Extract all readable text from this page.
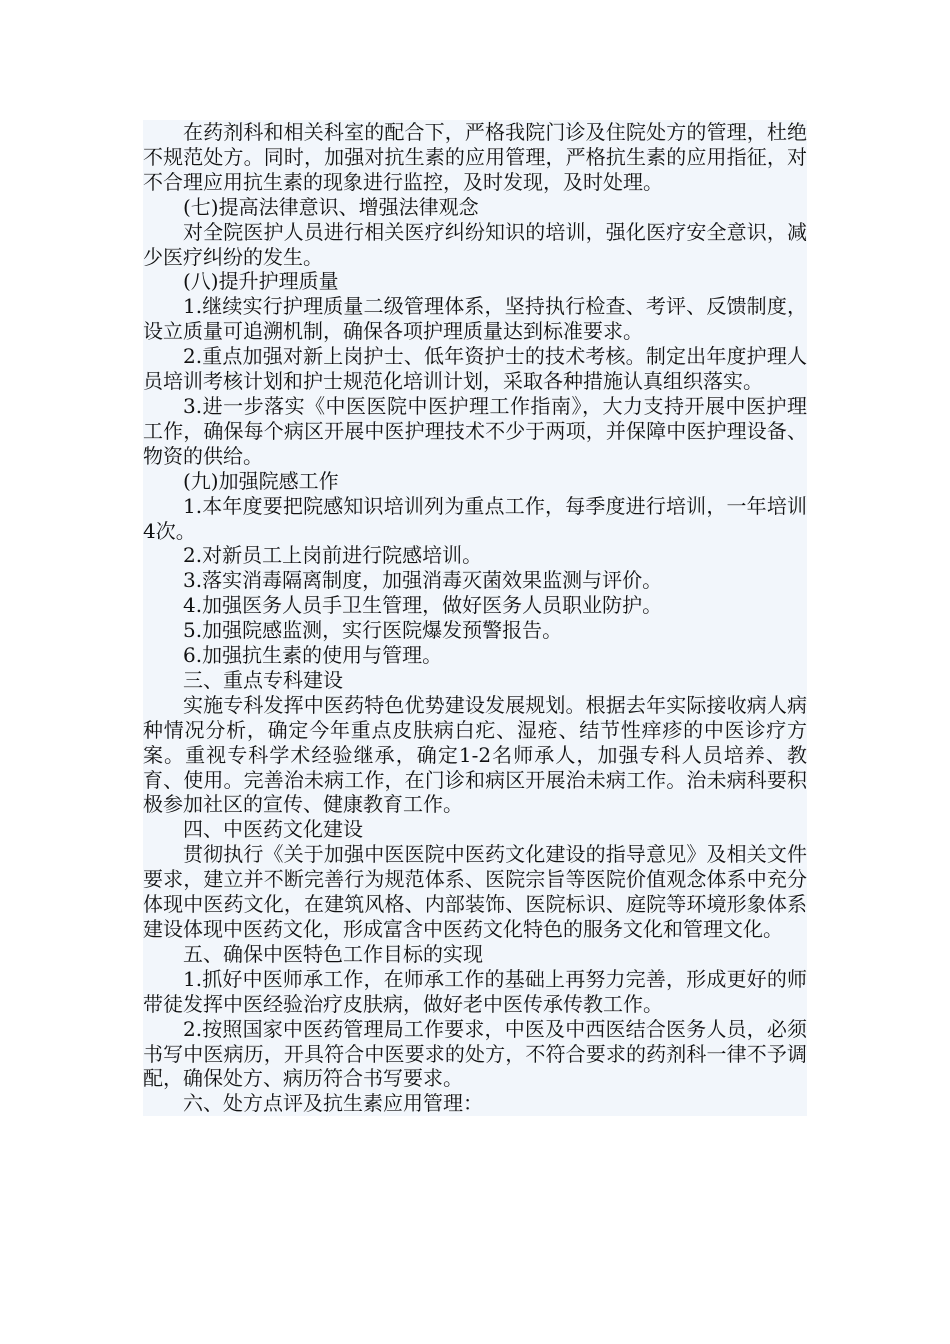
在药剂科和相关科室的配合下，严格我院门诊及住院处方的管理，杜绝不规范处方。同时，加强对抗生素的应用管理，严格抗生素的应用指征，对不合理应用抗生素的现象进行监控，及时发现，及时处理。

(七)提高法律意识、增强法律观念

对全院医护人员进行相关医疗纠纷知识的培训，强化医疗安全意识，减少医疗纠纷的发生。

(八)提升护理质量

1.继续实行护理质量二级管理体系，坚持执行检查、考评、反馈制度，设立质量可追溯机制，确保各项护理质量达到标准要求。

2.重点加强对新上岗护士、低年资护士的技术考核。制定出年度护理人员培训考核计划和护士规范化培训计划，采取各种措施认真组织落实。

3.进一步落实《中医医院中医护理工作指南》，大力支持开展中医护理工作，确保每个病区开展中医护理技术不少于两项，并保障中医护理设备、物资的供给。

(九)加强院感工作

1.本年度要把院感知识培训列为重点工作，每季度进行培训，一年培训4次。

2.对新员工上岗前进行院感培训。

3.落实消毒隔离制度，加强消毒灭菌效果监测与评价。

4.加强医务人员手卫生管理，做好医务人员职业防护。

5.加强院感监测，实行医院爆发预警报告。

6.加强抗生素的使用与管理。

三、重点专科建设

实施专科发挥中医药特色优势建设发展规划。根据去年实际接收病人病种情况分析，确定今年重点皮肤病白疕、湿疮、结节性痒疹的中医诊疗方案。重视专科学术经验继承，确定1-2名师承人，加强专科人员培养、教育、使用。完善治未病工作，在门诊和病区开展治未病工作。治未病科要积极参加社区的宣传、健康教育工作。

四、中医药文化建设

贯彻执行《关于加强中医医院中医药文化建设的指导意见》及相关文件要求，建立并不断完善行为规范体系、医院宗旨等医院价值观念体系中充分体现中医药文化，在建筑风格、内部装饰、医院标识、庭院等环境形象体系建设体现中医药文化，形成富含中医药文化特色的服务文化和管理文化。

五、确保中医特色工作目标的实现

1.抓好中医师承工作，在师承工作的基础上再努力完善，形成更好的师带徒发挥中医经验治疗皮肤病，做好老中医传承传教工作。

2.按照国家中医药管理局工作要求，中医及中西医结合医务人员，必须书写中医病历，开具符合中医要求的处方，不符合要求的药剂科一律不予调配，确保处方、病历符合书写要求。

六、处方点评及抗生素应用管理：
